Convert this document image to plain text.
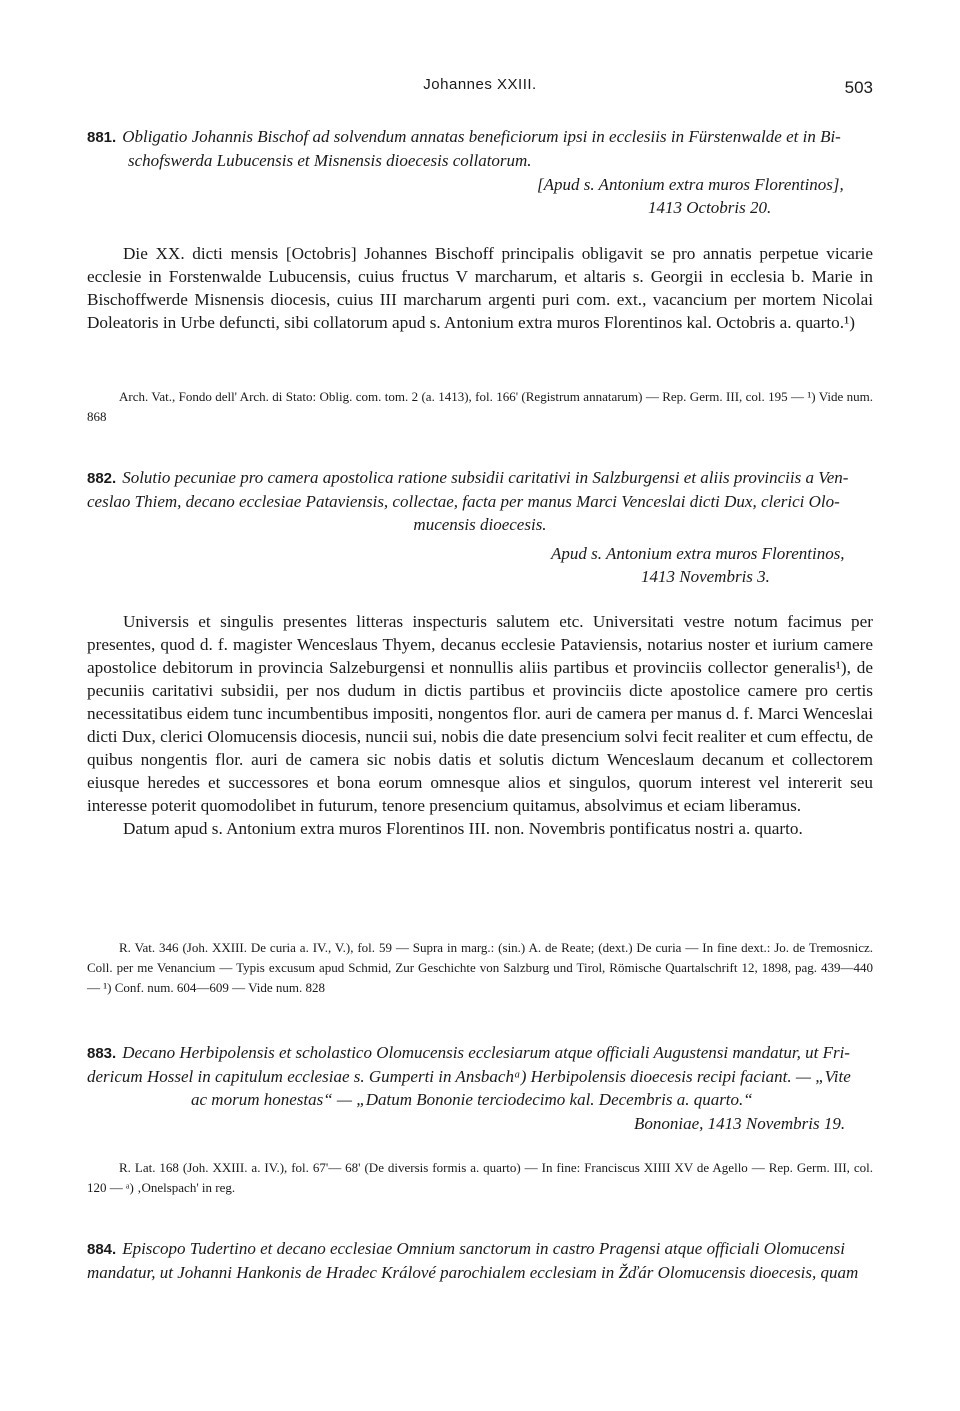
Johannes XXIII.	503
881. Obligatio Johannis Bischof ad solvendum annatas beneficiorum ipsi in ecclesiis in Fürstenwalde et in Bi-
schofswerda Lubucensis et Misnensis dioecesis collatorum.
[Apud s. Antonium extra muros Florentinos],
1413 Octobris 20.

Die XX. dicti mensis [Octobris] Johannes Bischoff principalis obligavit se pro annatis perpetue vicarie ecclesie in Forstenwalde Lubucensis, cuius fructus V marcharum, et altaris s. Georgii in ecclesia b. Marie in Bischoffwerde Misnensis diocesis, cuius III marcharum argenti puri com. ext., vacancium per mortem Nicolai Doleatoris in Urbe defuncti, sibi collatorum apud s. Antonium extra muros Florentinos kal. Octobris a. quarto.¹)

Arch. Vat., Fondo dell' Arch. di Stato: Oblig. com. tom. 2 (a. 1413), fol. 166' (Registrum annatarum) — Rep. Germ. III, col. 195 — ¹) Vide num. 868

882. Solutio pecuniae pro camera apostolica ratione subsidii caritativi in Salzburgensi et aliis provinciis a Ven-
ceslao Thiem, decano ecclesiae Pataviensis, collectae, facta per manus Marci Venceslai dicti Dux, clerici Olo-
mucensis dioecesis.
Apud s. Antonium extra muros Florentinos,
1413 Novembris 3.

Universis et singulis presentes litteras inspecturis salutem etc. Universitati vestre notum facimus per presentes, quod d. f. magister Wenceslaus Thyem, decanus ecclesie Pataviensis, notarius noster et iurium camere apostolice debitorum in provincia Salzeburgensi et nonnullis aliis partibus et provinciis collector generalis¹), de pecuniis caritativi subsidii, per nos dudum in dictis partibus et provinciis dicte apostolice camere pro certis necessitatibus eidem tunc incumbentibus impositi, nongentos flor. auri de camera per manus d. f. Marci Wenceslai dicti Dux, clerici Olomucensis diocesis, nuncii sui, nobis die date presencium solvi fecit realiter et cum effectu, de quibus nongentis flor. auri de camera sic nobis datis et solutis dictum Wenceslaum decanum et collectorem eiusque heredes et successores et bona eorum omnesque alios et singulos, quorum interest vel intererit seu interesse poterit quomodolibet in futurum, tenore presencium quitamus, absolvimus et eciam liberamus.

Datum apud s. Antonium extra muros Florentinos III. non. Novembris pontificatus nostri a. quarto.

R. Vat. 346 (Joh. XXIII. De curia a. IV., V.), fol. 59 — Supra in marg.: (sin.) A. de Reate; (dext.) De curia — In fine dext.: Jo. de Tremosnicz. Coll. per me Venancium — Typis excusum apud Schmid, Zur Geschichte von Salzburg und Tirol, Römische Quartalschrift 12, 1898, pag. 439—440 — ¹) Conf. num. 604—609 — Vide num. 828

883. Decano Herbipolensis et scholastico Olomucensis ecclesiarum atque officiali Augustensi mandatur, ut Fri-
dericum Hossel in capitulum ecclesiae s. Gumperti in Ansbachᵃ) Herbipolensis dioecesis recipi faciant. — „Vite
ac morum honestas“ — „Datum Bononie terciodecimo kal. Decembris a. quarto.“
Bononiae, 1413 Novembris 19.

R. Lat. 168 (Joh. XXIII. a. IV.), fol. 67'— 68' (De diversis formis a. quarto) — In fine: Franciscus XIIII XV de Agello — Rep. Germ. III, col. 120 — ᵃ) ‚Onelspach' in reg.

884. Episcopo Tudertino et decano ecclesiae Omnium sanctorum in castro Pragensi atque officiali Olomucensi
mandatur, ut Johanni Hankonis de Hradec Králové parochialem ecclesiam in Žďár Olomucensis dioecesis, quam
